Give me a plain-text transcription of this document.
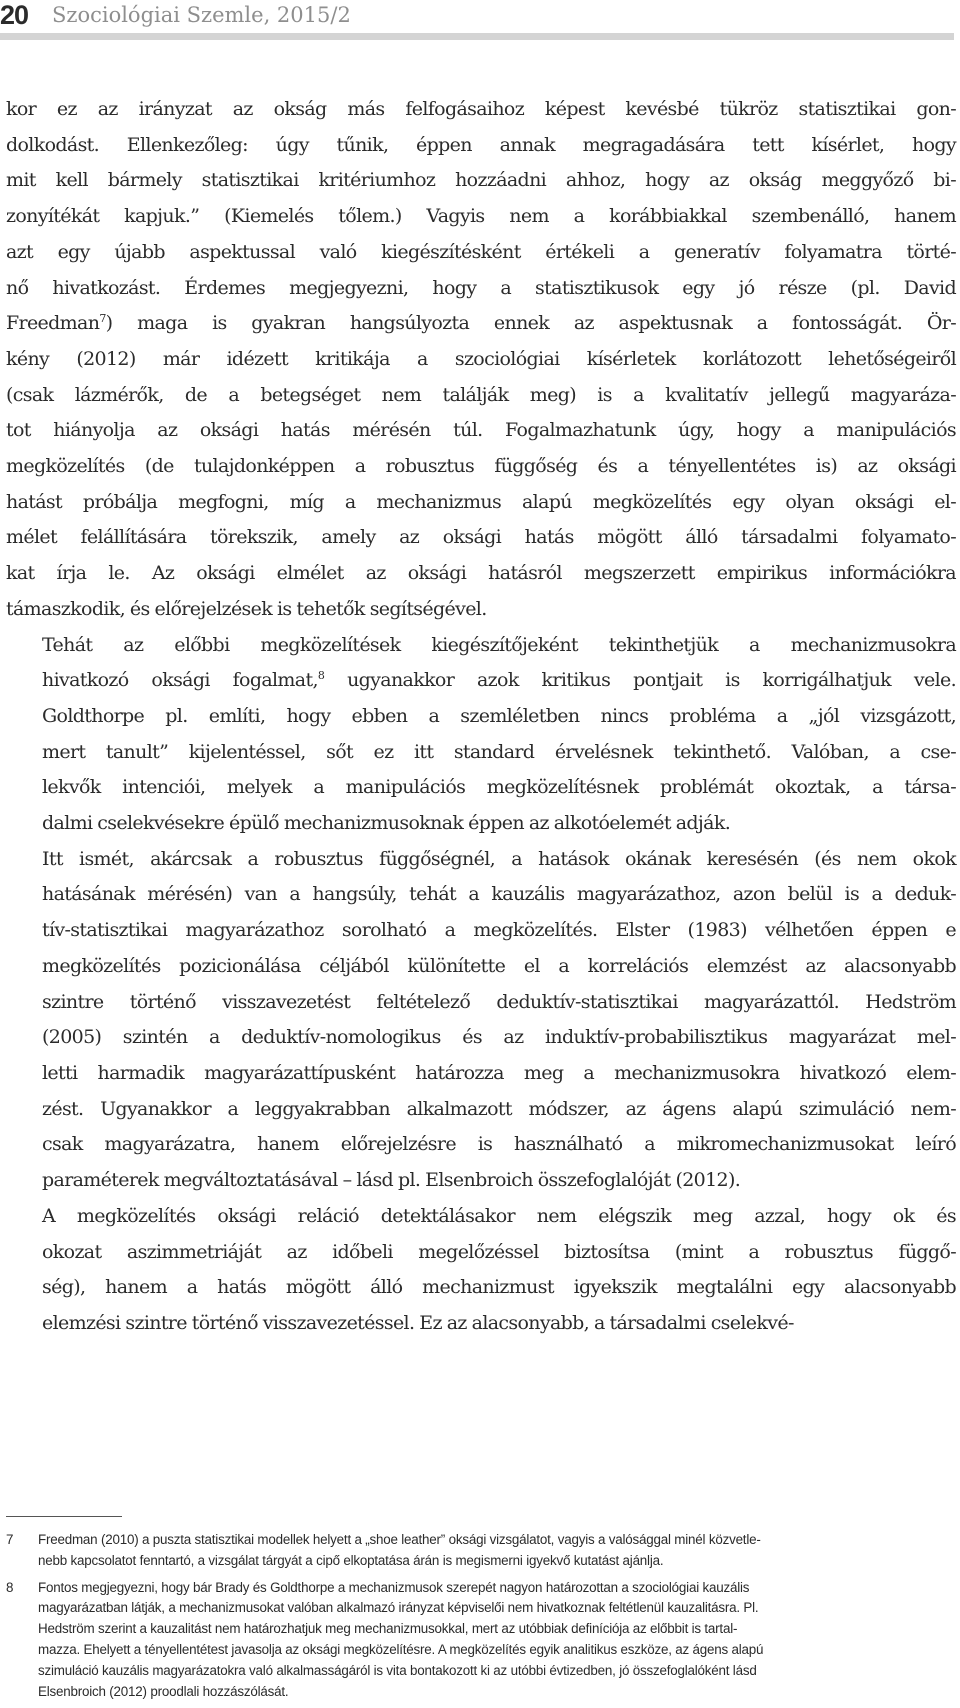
20 Szociológiai Szemle, 2015/2

kor ez az irányzat az okság más felfogásaihoz képest kevésbé tükröz statisztikai gon-
dolkodást. Ellenkezőleg: úgy tűnik, éppen annak megragadására tett kísérlet, hogy
mit kell bármely statisztikai kritériumhoz hozzáadni ahhoz, hogy az okság meggyőző bi-
zonyítékát kapjuk.” (Kiemelés tőlem.) Vagyis nem a korábbiakkal szembenálló, hanem
azt egy újabb aspektussal való kiegészítésként értékeli a generatív folyamatra törté-
nő hivatkozást. Érdemes megjegyezni, hogy a statisztikusok egy jó része (pl. David
Freedman$^7$) maga is gyakran hangsúlyozta ennek az aspektusnak a fontosságát. Ör-
kény (2012) már idézett kritikája a szociológiai kísérletek korlátozott lehetőségeiről
(csak lázmérők, de a betegséget nem találják meg) is a kvalitatív jellegű magyaráza-
tot hiányolja az oksági hatás mérésén túl. Fogalmazhatunk úgy, hogy a manipulációs
megközelítés (de tulajdonképpen a robusztus függőség és a tényellentétes is) az oksági
hatást próbálja megfogni, míg a mechanizmus alapú megközelítés egy olyan oksági el-
mélet felállítására törekszik, amely az oksági hatás mögött álló társadalmi folyamato-
kat írja le. Az oksági elmélet az oksági hatásról megszerzett empirikus információkra
támaszkodik, és előrejelzések is tehetők segítségével.

Tehát az előbbi megközelítések kiegészítőjeként tekinthetjük a mechanizmusokra
hivatkozó oksági fogalmat,$^8$ ugyanakkor azok kritikus pontjait is korrigálhatjuk vele.
Goldthorpe pl. említi, hogy ebben a szemléletben nincs probléma a „jól vizsgázott,
mert tanult” kijelentéssel, sőt ez itt standard érvelésnek tekinthető. Valóban, a cse-
lekvők intenciói, melyek a manipulációs megközelítésnek problémát okoztak, a társa-
dalmi cselekvésekre épülő mechanizmusoknak éppen az alkotóelemét adják.

Itt ismét, akárcsak a robusztus függőségnél, a hatások okának keresésén (és nem okok
hatásának mérésén) van a hangsúly, tehát a kauzális magyarázathoz, azon belül is a deduk-
tív-statisztikai magyarázathoz sorolható a megközelítés. Elster (1983) vélhetően éppen e
megközelítés pozicionálása céljából különítette el a korrelációs elemzést az alacsonyabb
szintre történő visszavezetést feltételező deduktív-statisztikai magyarázattól. Hedström
(2005) szintén a deduktív-nomologikus és az induktív-probabilisztikus magyarázat mel-
letti harmadik magyarázattípusként határozza meg a mechanizmusokra hivatkozó elem-
zést. Ugyanakkor a leggyakrabban alkalmazott módszer, az ágens alapú szimuláció nem-
csak magyarázatra, hanem előrejelzésre is használható a mikromechanizmusokat leíró
paraméterek megváltoztatásával – lásd pl. Elsenbroich összefoglalóját (2012).

A megközelítés oksági reláció detektálásakor nem elégszik meg azzal, hogy ok és
okozat aszimmetriáját az időbeli megelőzéssel biztosítsa (mint a robusztus függő-
ség), hanem a hatás mögött álló mechanizmust igyekszik megtalálni egy alacsonyabb
elemzési szintre történő visszavezetéssel. Ez az alacsonyabb, a társadalmi cselekvé-

7 Freedman (2010) a puszta statisztikai modellek helyett a „shoe leather” oksági vizsgálatot, vagyis a valósággal minél közvetle-
nebb kapcsolatot fenntartó, a vizsgálat tárgyát a cipő elkoptatása árán is megismerni igyekvő kutatást ajánlja.
8 Fontos megjegyezni, hogy bár Brady és Goldthorpe a mechanizmusok szerepét nagyon határozottan a szociológiai kauzális
magyarázatban látják, a mechanizmusokat valóban alkalmazó irányzat képviselői nem hivatkoznak feltétlenül kauzalitásra. Pl.
Hedström szerint a kauzalitást nem határozhatjuk meg mechanizmusokkal, mert az utóbbiak definíciója az előbbit is tartal-
mazza. Ehelyett a tényellentétest javasolja az oksági megközelítésre. A megközelítés egyik analitikus eszköze, az ágens alapú
szimuláció kauzális magyarázatokra való alkalmasságáról is vita bontakozott ki az utóbbi évtizedben, jó összefoglalóként lásd
Elsenbroich (2012) proodlali hozzászólását.
